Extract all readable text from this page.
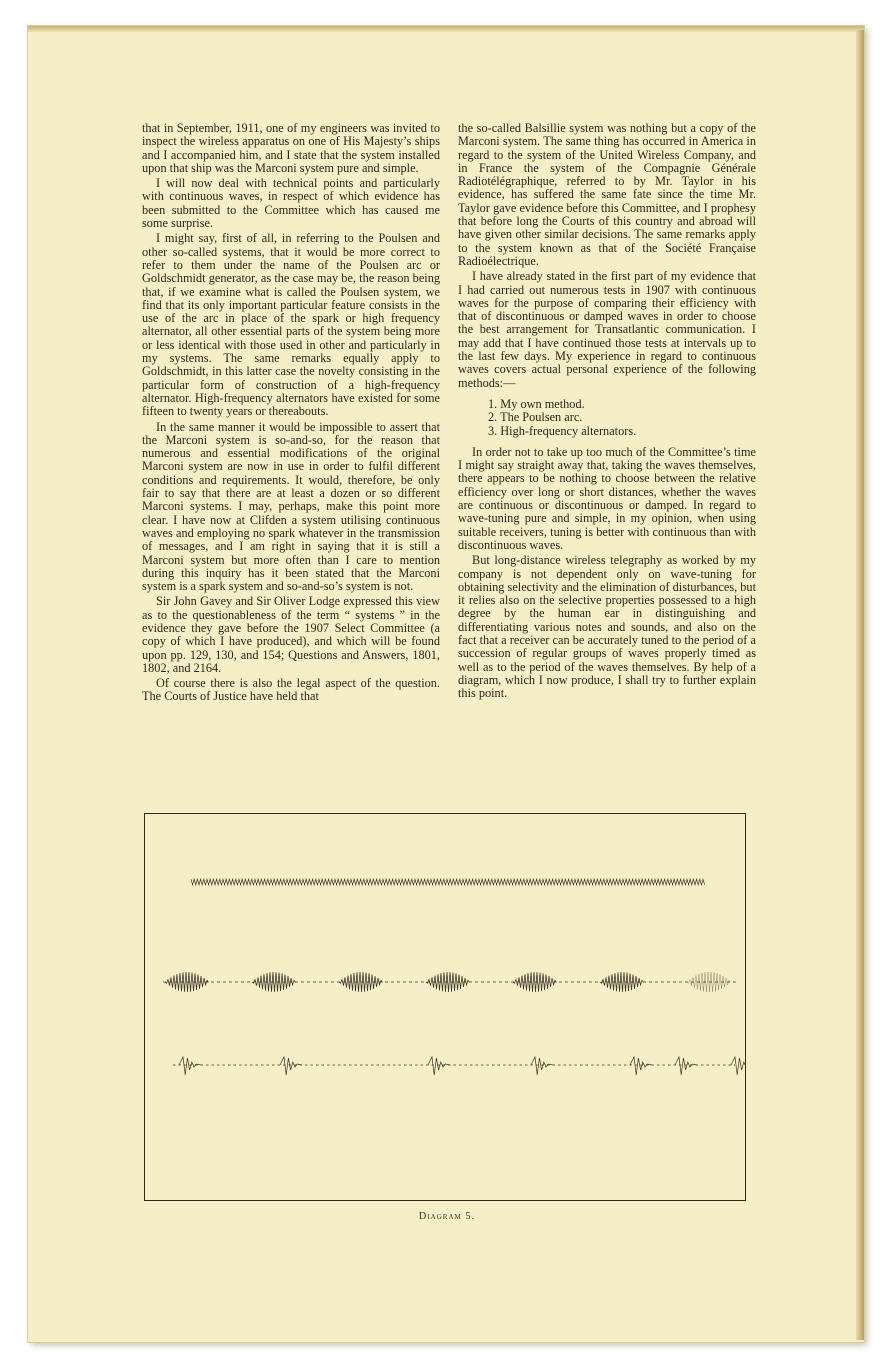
that in September, 1911, one of my engineers was invited to inspect the wireless apparatus on one of His Majesty’s ships and I accompanied him, and I state that the system installed upon that ship was the Marconi system pure and simple.

I will now deal with technical points and particularly with continuous waves, in respect of which evidence has been submitted to the Committee which has caused me some surprise.

I might say, first of all, in referring to the Poulsen and other so-called systems, that it would be more correct to refer to them under the name of the Poulsen arc or Goldschmidt generator, as the case may be, the reason being that, if we examine what is called the Poulsen system, we find that its only important particular feature consists in the use of the arc in place of the spark or high frequency alternator, all other essential parts of the system being more or less identical with those used in other and particularly in my systems. The same remarks equally apply to Goldschmidt, in this latter case the novelty consisting in the particular form of construction of a high-frequency alternator. High-frequency alternators have existed for some fifteen to twenty years or thereabouts.

In the same manner it would be impossible to assert that the Marconi system is so-and-so, for the reason that numerous and essential modifications of the original Marconi system are now in use in order to fulfil different conditions and requirements. It would, therefore, be only fair to say that there are at least a dozen or so different Marconi systems. I may, perhaps, make this point more clear. I have now at Clifden a system utilising continuous waves and employing no spark whatever in the transmission of messages, and I am right in saying that it is still a Marconi system but more often than I care to mention during this inquiry has it been stated that the Marconi system is a spark system and so-and-so’s system is not.

Sir John Gavey and Sir Oliver Lodge expressed this view as to the questionableness of the term “ systems ” in the evidence they gave before the 1907 Select Committee (a copy of which I have produced), and which will be found upon pp. 129, 130, and 154; Questions and Answers, 1801, 1802, and 2164.

Of course there is also the legal aspect of the question. The Courts of Justice have held that

the so-called Balsillie system was nothing but a copy of the Marconi system. The same thing has occurred in America in regard to the system of the United Wireless Company, and in France the system of the Compagnie Générale Radiotélégraphique, referred to by Mr. Taylor in his evidence, has suffered the same fate since the time Mr. Taylor gave evidence before this Committee, and I prophesy that before long the Courts of this country and abroad will have given other similar decisions. The same remarks apply to the system known as that of the Société Française Radioélectrique.

I have already stated in the first part of my evidence that I had carried out numerous tests in 1907 with continuous waves for the purpose of comparing their efficiency with that of discontinuous or damped waves in order to choose the best arrangement for Transatlantic communication. I may add that I have continued those tests at intervals up to the last few days. My experience in regard to continuous waves covers actual personal experience of the following methods:—

1. My own method.
2. The Poulsen arc.
3. High-frequency alternators.

In order not to take up too much of the Committee’s time I might say straight away that, taking the waves themselves, there appears to be nothing to choose between the relative efficiency over long or short distances, whether the waves are continuous or discontinuous or damped. In regard to wave-tuning pure and simple, in my opinion, when using suitable receivers, tuning is better with continuous than with discontinuous waves.

But long-distance wireless telegraphy as worked by my company is not dependent only on wave-tuning for obtaining selectivity and the elimination of disturbances, but it relies also on the selective properties possessed to a high degree by the human ear in distinguishing and differentiating various notes and sounds, and also on the fact that a receiver can be accurately tuned to the period of a succession of regular groups of waves properly timed as well as to the period of the waves themselves. By help of a diagram, which I now produce, I shall try to further explain this point.

Diagram 5.
